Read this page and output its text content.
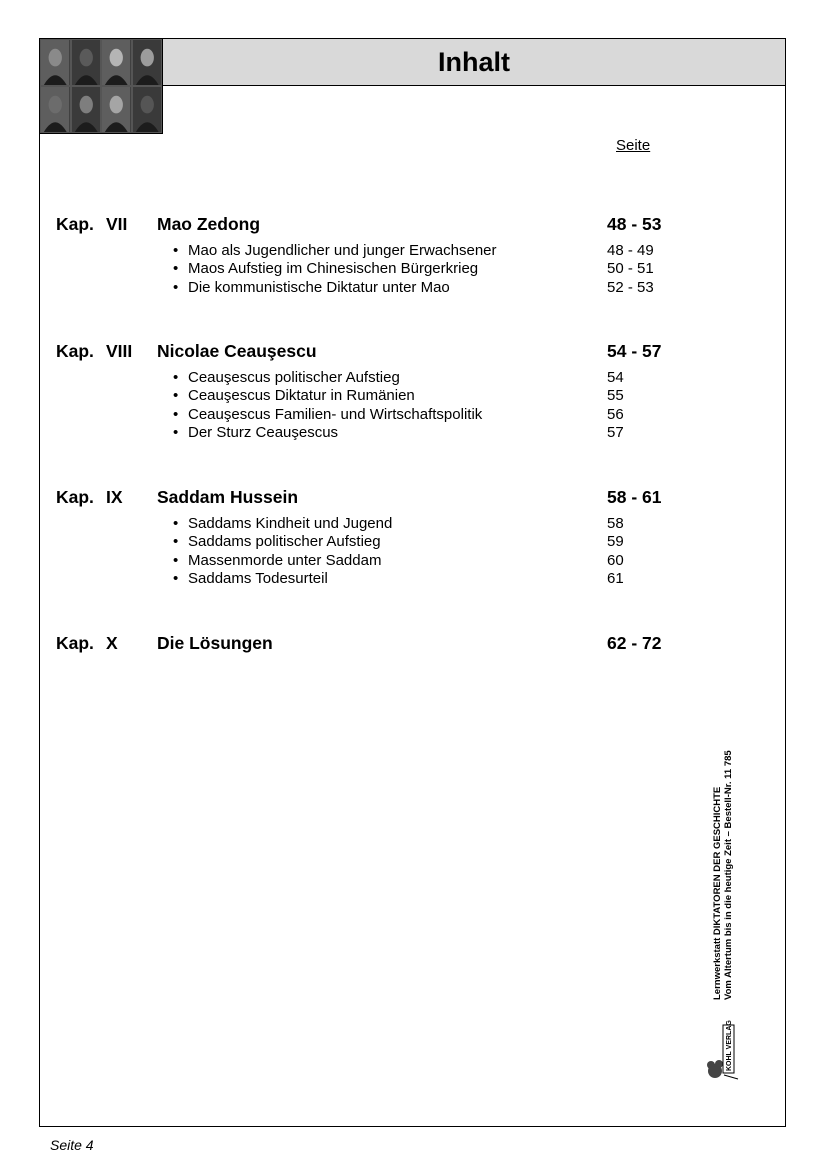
Inhalt
Seite
Kap. VII Mao Zedong	48 - 53
• Mao als Jugendlicher und junger Erwachsener	48 - 49
• Maos Aufstieg im Chinesischen Bürgerkrieg	50 - 51
• Die kommunistische Diktatur unter Mao	52 - 53
Kap. VIII Nicolae Ceauşescu	54 - 57
• Ceauşescus politischer Aufstieg	54
• Ceauşescus Diktatur in Rumänien	55
• Ceauşescus Familien- und Wirtschaftspolitik	56
• Der Sturz Ceauşescus	57
Kap. IX Saddam Hussein	58 - 61
• Saddams Kindheit und Jugend	58
• Saddams politischer Aufstieg	59
• Massenmorde unter Saddam	60
• Saddams Todesurteil	61
Kap. X Die Lösungen	62 - 72
Lernwerkstatt DIKTATOREN DER GESCHICHTE Vom Altertum bis in die heutige Zeit – Bestell-Nr. 11 785
KOHL VERLAG
Seite 4
